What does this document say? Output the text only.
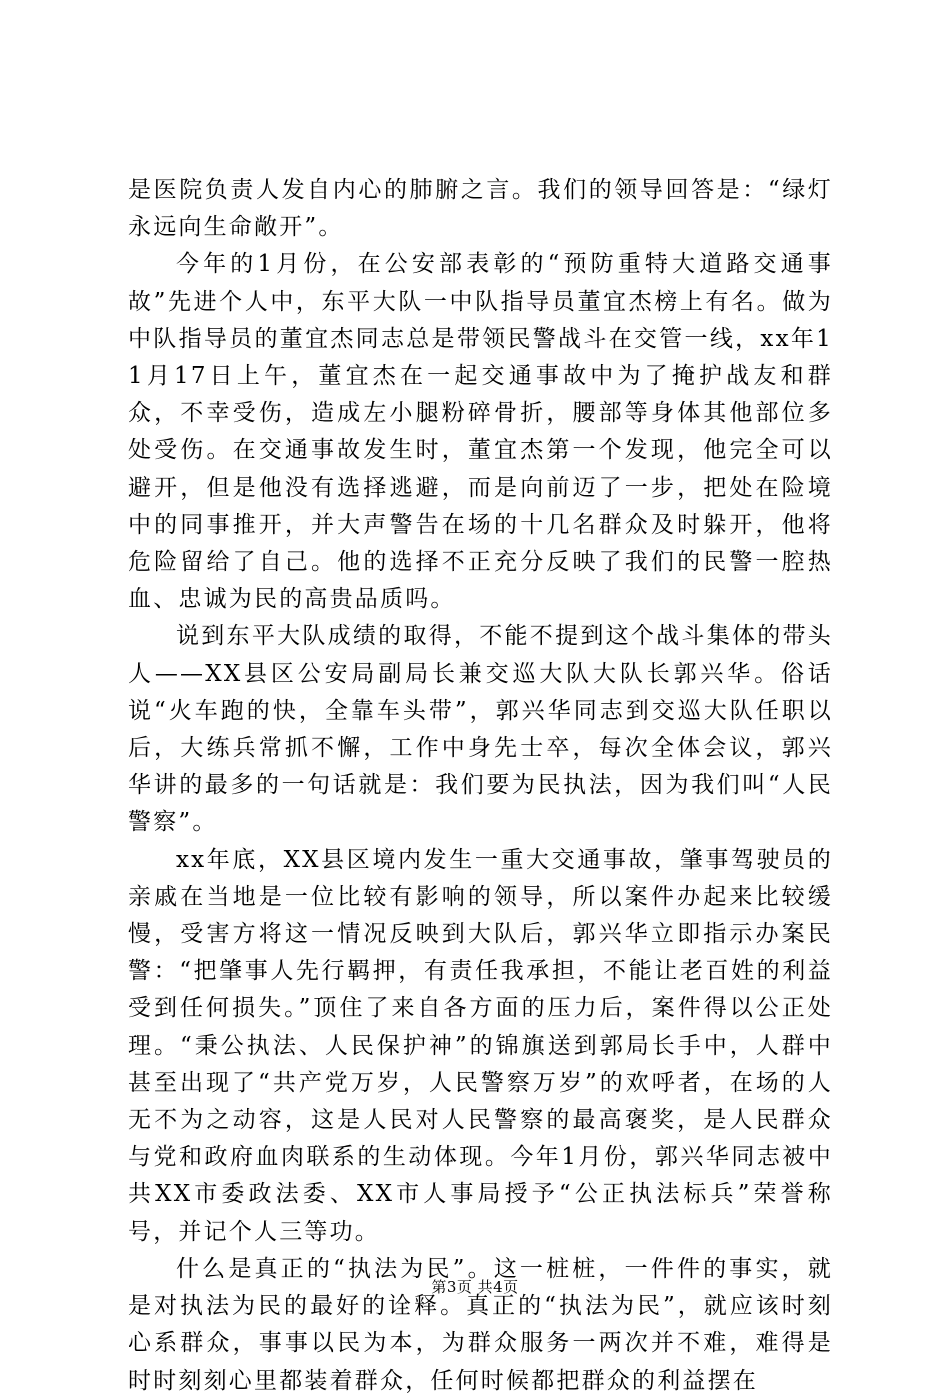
是医院负责人发自内心的肺腑之言。我们的领导回答是：“绿灯永远向生命敞开”。

今年的1月份，在公安部表彰的“预防重特大道路交通事故”先进个人中，东平大队一中队指导员董宜杰榜上有名。做为中队指导员的董宜杰同志总是带领民警战斗在交管一线，xx年11月17日上午，董宜杰在一起交通事故中为了掩护战友和群众，不幸受伤，造成左小腿粉碎骨折，腰部等身体其他部位多处受伤。在交通事故发生时，董宜杰第一个发现，他完全可以避开，但是他没有选择逃避，而是向前迈了一步，把处在险境中的同事推开，并大声警告在场的十几名群众及时躲开，他将危险留给了自己。他的选择不正充分反映了我们的民警一腔热血、忠诚为民的高贵品质吗。

说到东平大队成绩的取得，不能不提到这个战斗集体的带头人——XX县区公安局副局长兼交巡大队大队长郭兴华。俗话说“火车跑的快，全靠车头带”，郭兴华同志到交巡大队任职以后，大练兵常抓不懈，工作中身先士卒，每次全体会议，郭兴华讲的最多的一句话就是：我们要为民执法，因为我们叫“人民警察”。

xx年底，XX县区境内发生一重大交通事故，肇事驾驶员的亲戚在当地是一位比较有影响的领导，所以案件办起来比较缓慢，受害方将这一情况反映到大队后，郭兴华立即指示办案民警：“把肇事人先行羁押，有责任我承担，不能让老百姓的利益受到任何损失。”顶住了来自各方面的压力后，案件得以公正处理。“秉公执法、人民保护神”的锦旗送到郭局长手中，人群中甚至出现了“共产党万岁，人民警察万岁”的欢呼者，在场的人无不为之动容，这是人民对人民警察的最高褒奖，是人民群众与党和政府血肉联系的生动体现。今年1月份，郭兴华同志被中共XX市委政法委、XX市人事局授予“公正执法标兵”荣誉称号，并记个人三等功。

什么是真正的“执法为民”。这一桩桩，一件件的事实，就是对执法为民的最好的诠释。真正的“执法为民”，就应该时刻心系群众，事事以民为本，为群众服务一两次并不难，难得是时时刻刻心里都装着群众，任何时候都把群众的利益摆在

第3页 共4页
